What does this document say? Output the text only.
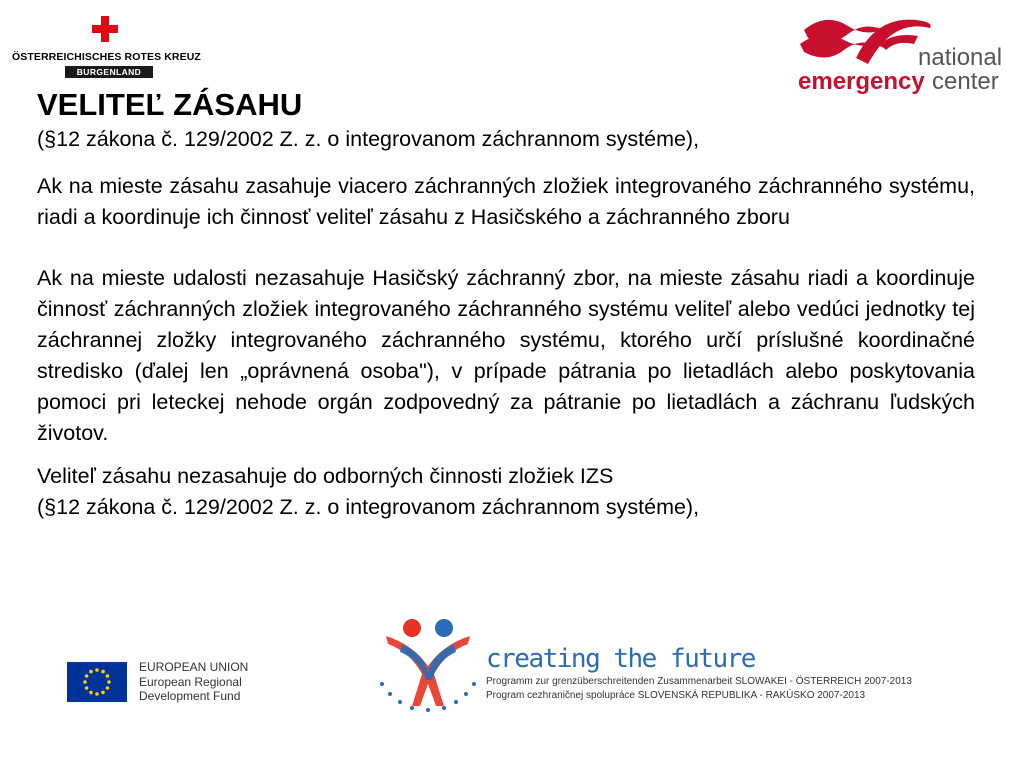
ÖSTERREICHISCHES ROTES KREUZ
BURGENLAND
national
emergency center
VELITEĽ ZÁSAHU

(§12 zákona č. 129/2002 Z. z. o integrovanom záchrannom systéme),

Ak na mieste zásahu zasahuje viacero záchranných zložiek integrovaného záchranného systému, riadi a koordinuje ich činnosť veliteľ zásahu z Hasičského a záchranného zboru

Ak na mieste udalosti nezasahuje Hasičský záchranný zbor, na mieste zásahu riadi a koordinuje činnosť záchranných zložiek integrovaného záchranného systému veliteľ alebo vedúci jednotky tej záchrannej zložky integrovaného záchranného systému, ktorého určí príslušné koordinačné stredisko (ďalej len „oprávnená osoba"), v prípade pátrania po lietadlách alebo poskytovania pomoci pri leteckej nehode orgán zodpovedný za pátranie po lietadlách a záchranu ľudských životov.

Veliteľ zásahu nezasahuje do odborných činnosti zložiek IZS

(§12 zákona č. 129/2002 Z. z. o integrovanom záchrannom systéme),

EUROPEAN UNION
European Regional
Development Fund
creating the future
Programm zur grenzüberschreitenden Zusammenarbeit SLOWAKEI - ÖSTERREICH 2007-2013
Program cezhraničnej spolupráce SLOVENSKÁ REPUBLIKA - RAKÚSKO 2007-2013
